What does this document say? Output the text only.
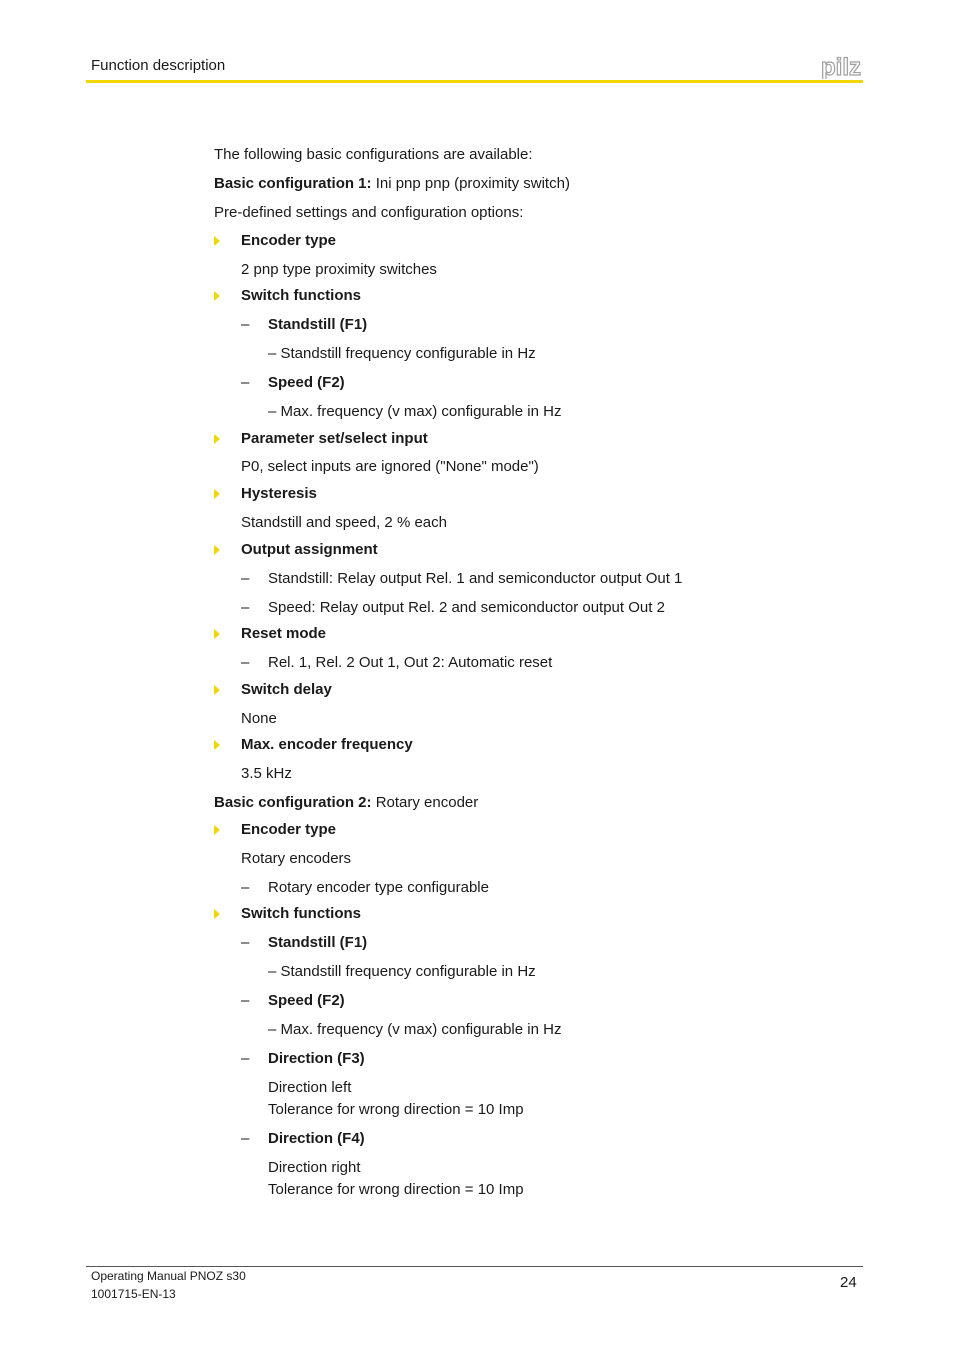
Function description	pilz
The following basic configurations are available:
Basic configuration 1: Ini pnp pnp (proximity switch)
Pre-defined settings and configuration options:
Encoder type
2 pnp type proximity switches
Switch functions
– Standstill (F1)
– Standstill frequency configurable in Hz
– Speed (F2)
– Max. frequency (v max) configurable in Hz
Parameter set/select input
P0, select inputs are ignored ("None" mode")
Hysteresis
Standstill and speed, 2 % each
Output assignment
– Standstill: Relay output Rel. 1 and semiconductor output Out 1
– Speed: Relay output Rel. 2 and semiconductor output Out 2
Reset mode
– Rel. 1, Rel. 2 Out 1, Out 2: Automatic reset
Switch delay
None
Max. encoder frequency
3.5 kHz
Basic configuration 2: Rotary encoder
Encoder type
Rotary encoders
– Rotary encoder type configurable
Switch functions
– Standstill (F1)
– Standstill frequency configurable in Hz
– Speed (F2)
– Max. frequency (v max) configurable in Hz
– Direction (F3)
Direction left
Tolerance for wrong direction = 10 Imp
– Direction (F4)
Direction right
Tolerance for wrong direction = 10 Imp
Operating Manual PNOZ s30
1001715-EN-13
24
